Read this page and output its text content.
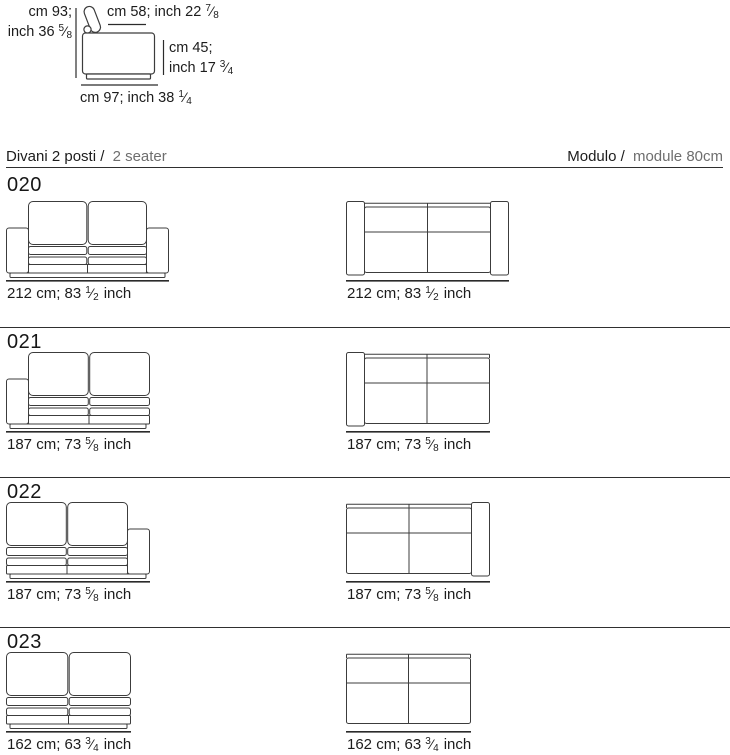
cm 93;
inch 36 $^5⁄_8$
cm 58; inch 22 $^7⁄_8$
cm 45;
inch 17 $^3⁄_4$
cm 97; inch 38 $^1⁄_4$
Divani 2 posti / 2 seater	Modulo / module 80cm
020
212 cm; 83 $^1⁄_2$ inch	212 cm; 83 $^1⁄_2$ inch
021
187 cm; 73 $^5⁄_8$ inch	187 cm; 73 $^5⁄_8$ inch
022
187 cm; 73 $^5⁄_8$ inch	187 cm; 73 $^5⁄_8$ inch
023
162 cm; 63 $^3⁄_4$ inch	162 cm; 63 $^3⁄_4$ inch
